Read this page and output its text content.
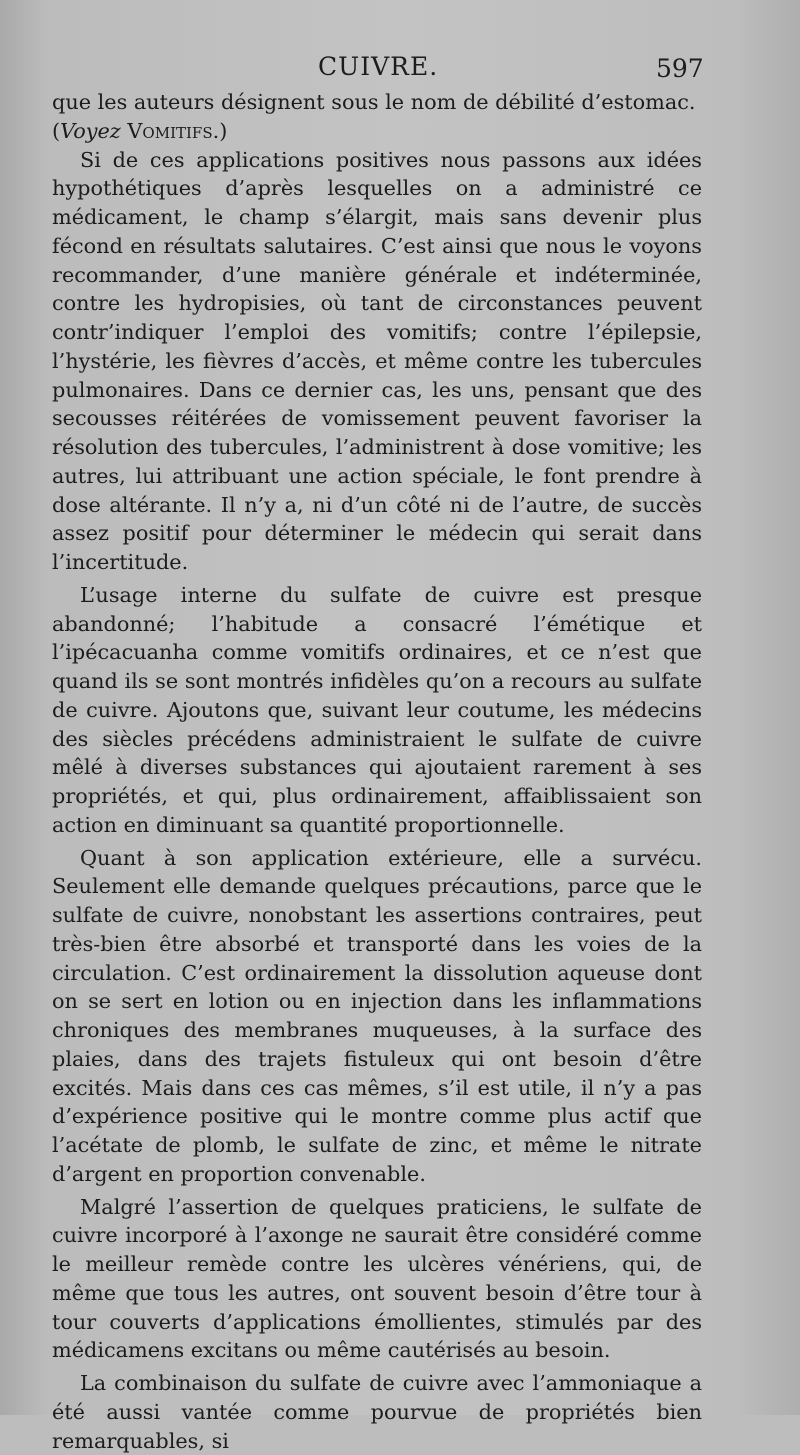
CUIVRE.	597

que les auteurs désignent sous le nom de débilité d’estomac.

(Voyez Vomitifs.)

Si de ces applications positives nous passons aux idées hypothétiques d’après lesquelles on a administré ce médicament, le champ s’élargit, mais sans devenir plus fécond en résultats salutaires. C’est ainsi que nous le voyons recommander, d’une manière générale et indéterminée, contre les hydropisies, où tant de circonstances peuvent contr’indiquer l’emploi des vomitifs; contre l’épilepsie, l’hystérie, les fièvres d’accès, et même contre les tubercules pulmonaires. Dans ce dernier cas, les uns, pensant que des secousses réitérées de vomissement peuvent favoriser la résolution des tubercules, l’administrent à dose vomitive; les autres, lui attribuant une action spéciale, le font prendre à dose altérante. Il n’y a, ni d’un côté ni de l’autre, de succès assez positif pour déterminer le médecin qui serait dans l’incertitude.

L’usage interne du sulfate de cuivre est presque abandonné; l’habitude a consacré l’émétique et l’ipécacuanha comme vomitifs ordinaires, et ce n’est que quand ils se sont montrés infidèles qu’on a recours au sulfate de cuivre. Ajoutons que, suivant leur coutume, les médecins des siècles précédens administraient le sulfate de cuivre mêlé à diverses substances qui ajoutaient rarement à ses propriétés, et qui, plus ordinairement, affaiblissaient son action en diminuant sa quantité proportionnelle.

Quant à son application extérieure, elle a survécu. Seulement elle demande quelques précautions, parce que le sulfate de cuivre, nonobstant les assertions contraires, peut très-bien être absorbé et transporté dans les voies de la circulation. C’est ordinairement la dissolution aqueuse dont on se sert en lotion ou en injection dans les inflammations chroniques des membranes muqueuses, à la surface des plaies, dans des trajets fistuleux qui ont besoin d’être excités. Mais dans ces cas mêmes, s’il est utile, il n’y a pas d’expérience positive qui le montre comme plus actif que l’acétate de plomb, le sulfate de zinc, et même le nitrate d’argent en proportion convenable.

Malgré l’assertion de quelques praticiens, le sulfate de cuivre incorporé à l’axonge ne saurait être considéré comme le meilleur remède contre les ulcères vénériens, qui, de même que tous les autres, ont souvent besoin d’être tour à tour couverts d’applications émollientes, stimulés par des médicamens excitans ou même cautérisés au besoin.

La combinaison du sulfate de cuivre avec l’ammoniaque a été aussi vantée comme pourvue de propriétés bien remarquables, si
